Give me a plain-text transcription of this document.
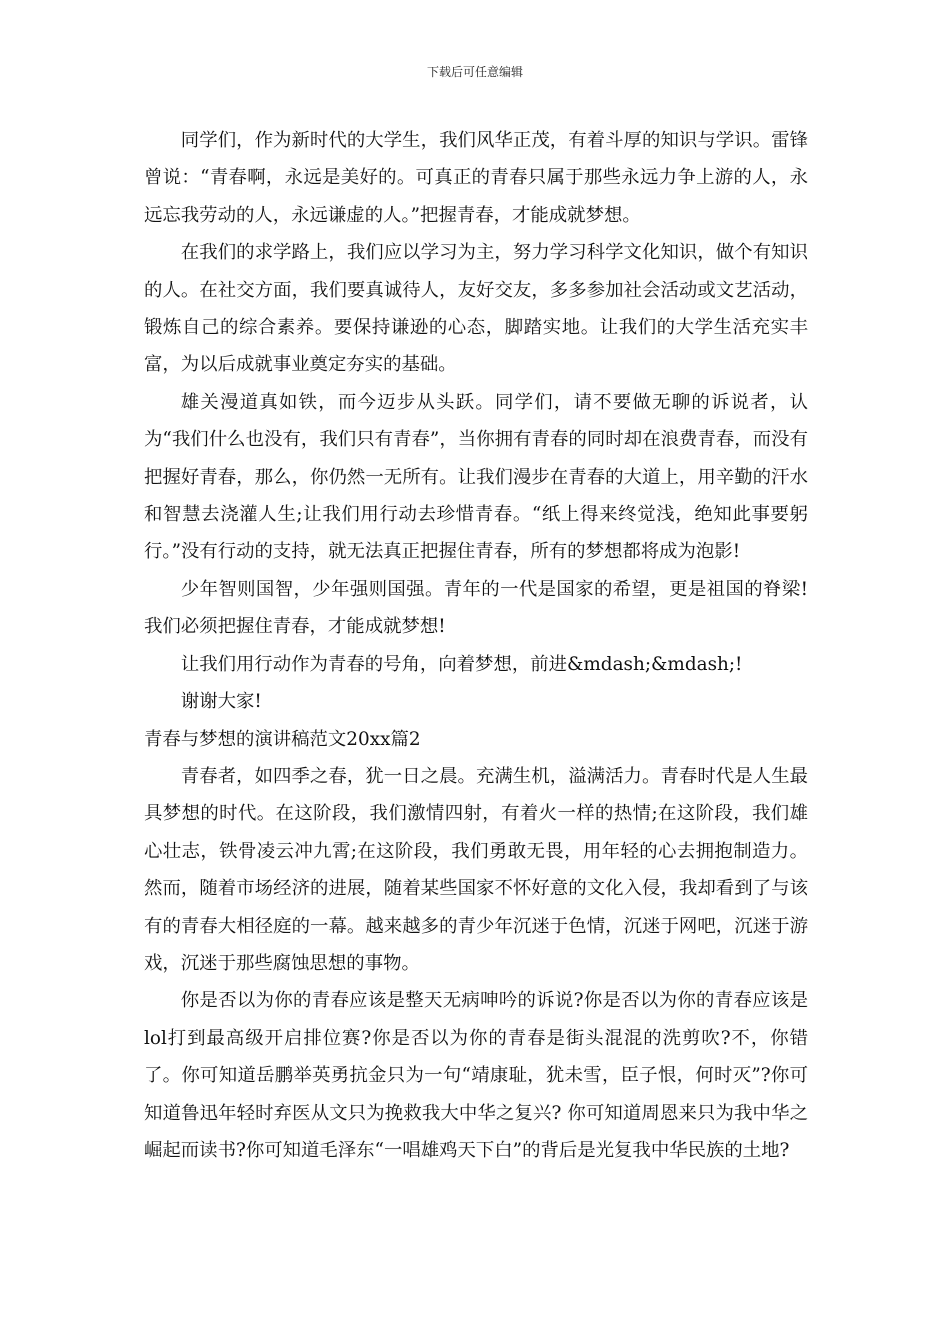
下载后可任意编辑

同学们，作为新时代的大学生，我们风华正茂，有着斗厚的知识与学识。雷锋曾说：“青春啊，永远是美好的。可真正的青春只属于那些永远力争上游的人，永远忘我劳动的人，永远谦虚的人。”把握青春，才能成就梦想。

在我们的求学路上，我们应以学习为主，努力学习科学文化知识，做个有知识的人。在社交方面，我们要真诚待人，友好交友，多多参加社会活动或文艺活动，锻炼自己的综合素养。要保持谦逊的心态，脚踏实地。让我们的大学生活充实丰富，为以后成就事业奠定夯实的基础。

雄关漫道真如铁，而今迈步从头跃。同学们，请不要做无聊的诉说者，认为“我们什么也没有，我们只有青春”，当你拥有青春的同时却在浪费青春，而没有把握好青春，那么，你仍然一无所有。让我们漫步在青春的大道上，用辛勤的汗水和智慧去浇灌人生;让我们用行动去珍惜青春。“纸上得来终觉浅，绝知此事要躬行。”没有行动的支持，就无法真正把握住青春，所有的梦想都将成为泡影!

少年智则国智，少年强则国强。青年的一代是国家的希望，更是祖国的脊梁!我们必须把握住青春，才能成就梦想!

让我们用行动作为青春的号角，向着梦想，前进&mdash;&mdash;!

谢谢大家!

青春与梦想的演讲稿范文20xx篇2

青春者，如四季之春，犹一日之晨。充满生机，溢满活力。青春时代是人生最具梦想的时代。在这阶段，我们激情四射，有着火一样的热情;在这阶段，我们雄心壮志，铁骨凌云冲九霄;在这阶段，我们勇敢无畏，用年轻的心去拥抱制造力。然而，随着市场经济的进展，随着某些国家不怀好意的文化入侵，我却看到了与该有的青春大相径庭的一幕。越来越多的青少年沉迷于色情，沉迷于网吧，沉迷于游戏，沉迷于那些腐蚀思想的事物。

你是否以为你的青春应该是整天无病呻吟的诉说?你是否以为你的青春应该是lol打到最高级开启排位赛?你是否以为你的青春是街头混混的洗剪吹?不，你错了。你可知道岳鹏举英勇抗金只为一句“靖康耻，犹未雪，臣子恨，何时灭”?你可知道鲁迅年轻时弃医从文只为挽救我大中华之复兴? 你可知道周恩来只为我中华之崛起而读书?你可知道毛泽东“一唱雄鸡天下白”的背后是光复我中华民族的土地?
